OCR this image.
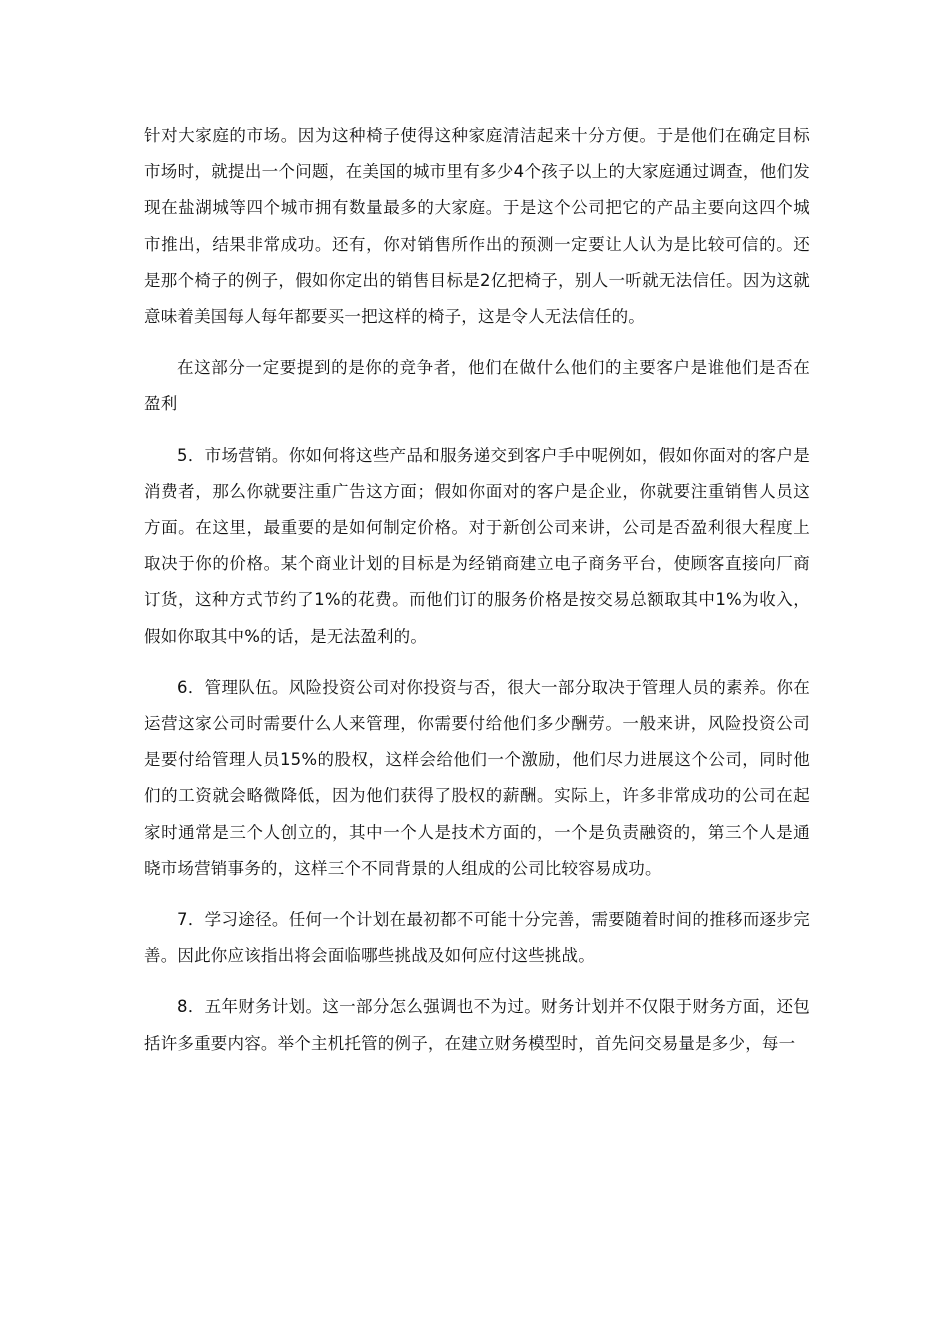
针对大家庭的市场。因为这种椅子使得这种家庭清洁起来十分方便。于是他们在确定目标市场时，就提出一个问题，在美国的城市里有多少4个孩子以上的大家庭通过调查，他们发现在盐湖城等四个城市拥有数量最多的大家庭。于是这个公司把它的产品主要向这四个城市推出，结果非常成功。还有，你对销售所作出的预测一定要让人认为是比较可信的。还是那个椅子的例子，假如你定出的销售目标是2亿把椅子，别人一听就无法信任。因为这就意味着美国每人每年都要买一把这样的椅子，这是令人无法信任的。

在这部分一定要提到的是你的竞争者，他们在做什么他们的主要客户是谁他们是否在盈利

5．市场营销。你如何将这些产品和服务递交到客户手中呢例如，假如你面对的客户是消费者，那么你就要注重广告这方面；假如你面对的客户是企业，你就要注重销售人员这方面。在这里，最重要的是如何制定价格。对于新创公司来讲，公司是否盈利很大程度上取决于你的价格。某个商业计划的目标是为经销商建立电子商务平台，使顾客直接向厂商订货，这种方式节约了1%的花费。而他们订的服务价格是按交易总额取其中1%为收入，假如你取其中%的话，是无法盈利的。

6．管理队伍。风险投资公司对你投资与否，很大一部分取决于管理人员的素养。你在运营这家公司时需要什么人来管理，你需要付给他们多少酬劳。一般来讲，风险投资公司是要付给管理人员15%的股权，这样会给他们一个激励，他们尽力进展这个公司，同时他们的工资就会略微降低，因为他们获得了股权的薪酬。实际上，许多非常成功的公司在起家时通常是三个人创立的，其中一个人是技术方面的，一个是负责融资的，第三个人是通晓市场营销事务的，这样三个不同背景的人组成的公司比较容易成功。

7．学习途径。任何一个计划在最初都不可能十分完善，需要随着时间的推移而逐步完善。因此你应该指出将会面临哪些挑战及如何应付这些挑战。

8．五年财务计划。这一部分怎么强调也不为过。财务计划并不仅限于财务方面，还包括许多重要内容。举个主机托管的例子，在建立财务模型时，首先问交易量是多少，每一
